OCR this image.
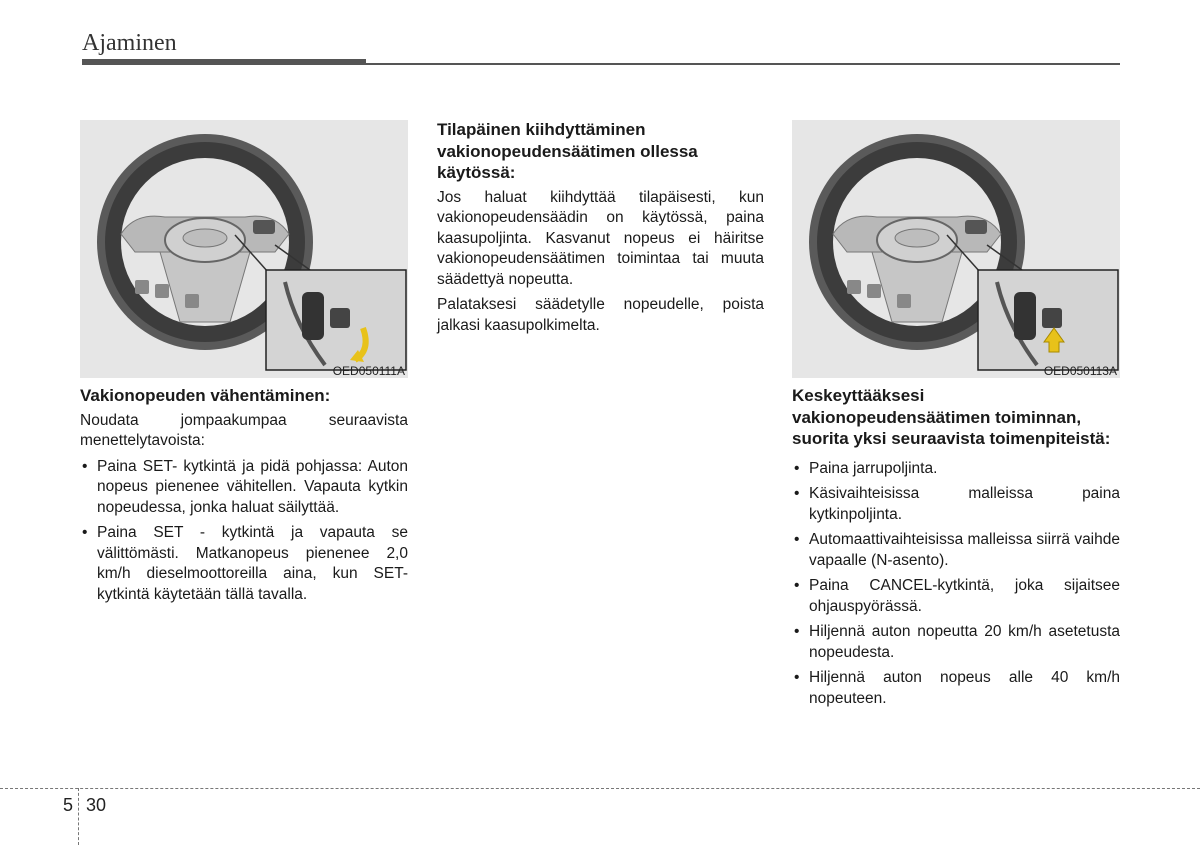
Ajaminen
OED050111A	OED050113A
Vakionopeuden vähentäminen:

Noudata jompaakumpaa seuraavista menettelytavoista:

• Paina SET- kytkintä ja pidä pohjassa: Auton nopeus pienenee vähitellen. Vapauta kytkin nopeudessa, jonka haluat säilyttää.
• Paina SET - kytkintä ja vapauta se välittömästi. Matkanopeus pienenee 2,0 km/h dieselmoottoreilla aina, kun SET-kytkintä käytetään tällä tavalla.
Tilapäinen kiihdyttäminen vakionopeudensäätimen ollessa käytössä:

Jos haluat kiihdyttää tilapäisesti, kun vakionopeudensäädin on käytössä, paina kaasupoljinta. Kasvanut nopeus ei häiritse vakionopeudensäätimen toimintaa tai muuta säädettyä nopeutta.

Palataksesi säädetylle nopeudelle, poista jalkasi kaasupolkimelta.

Keskeyttääksesi vakionopeudensäätimen toiminnan, suorita yksi seuraavista toimenpiteistä:
• Paina jarrupoljinta.
• Käsivaihteisissa malleissa paina kytkinpoljinta.
• Automaattivaihteisissa malleissa siirrä vaihde vapaalle (N-asento).
• Paina CANCEL-kytkintä, joka sijaitsee ohjauspyörässä.
• Hiljennä auton nopeutta 20 km/h asetetusta nopeudesta.
• Hiljennä auton nopeus alle 40 km/h nopeuteen.
5 30
